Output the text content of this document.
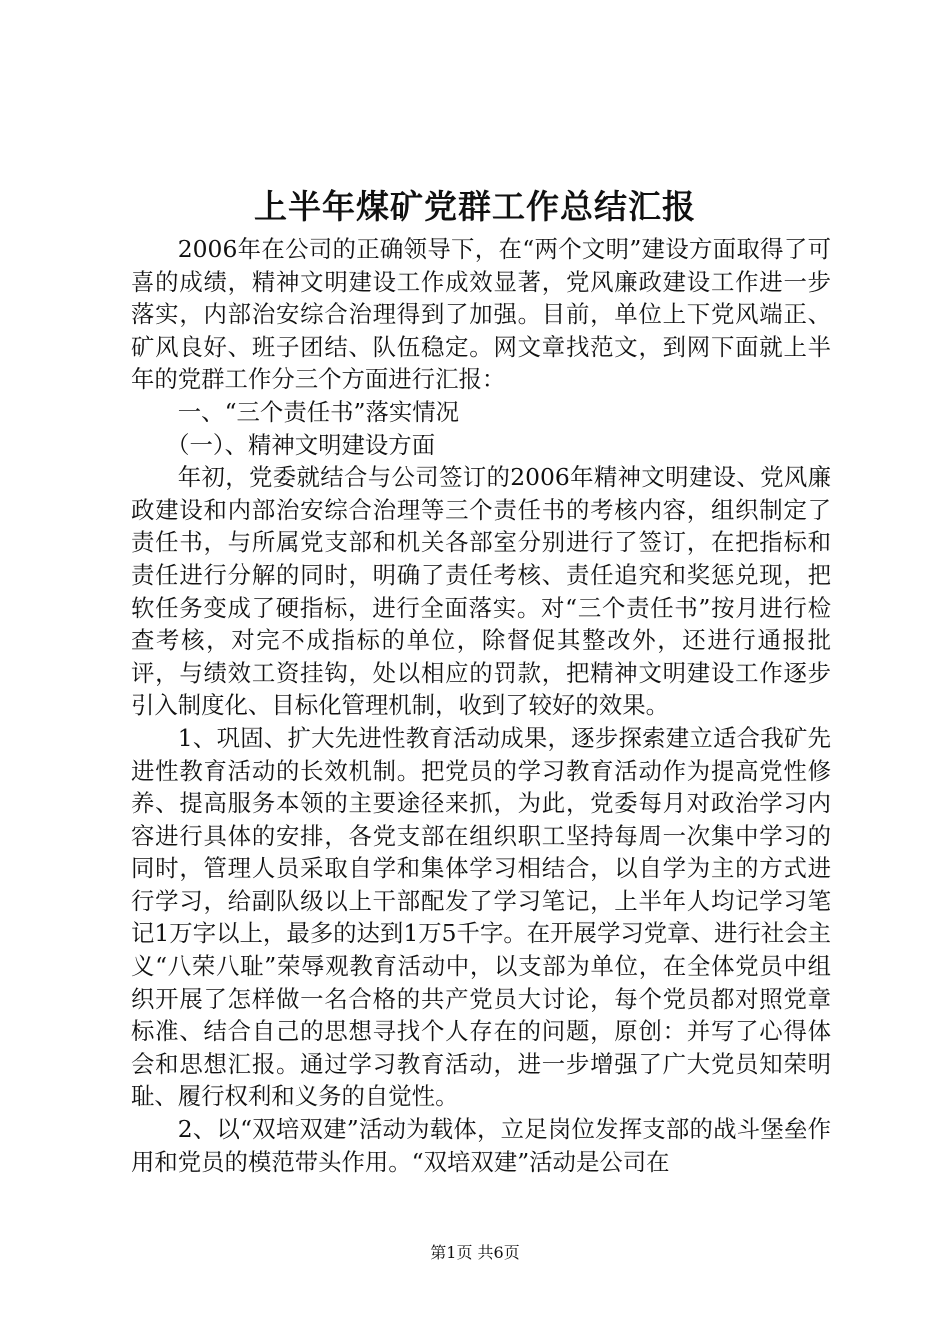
上半年煤矿党群工作总结汇报

2006年在公司的正确领导下，在“两个文明”建设方面取得了可喜的成绩，精神文明建设工作成效显著，党风廉政建设工作进一步落实，内部治安综合治理得到了加强。目前，单位上下党风端正、矿风良好、班子团结、队伍稳定。网文章找范文，到网下面就上半年的党群工作分三个方面进行汇报：

一、“三个责任书”落实情况

（一）、精神文明建设方面

年初，党委就结合与公司签订的2006年精神文明建设、党风廉政建设和内部治安综合治理等三个责任书的考核内容，组织制定了责任书，与所属党支部和机关各部室分别进行了签订，在把指标和责任进行分解的同时，明确了责任考核、责任追究和奖惩兑现，把软任务变成了硬指标，进行全面落实。对“三个责任书”按月进行检查考核，对完不成指标的单位，除督促其整改外，还进行通报批评，与绩效工资挂钩，处以相应的罚款，把精神文明建设工作逐步引入制度化、目标化管理机制，收到了较好的效果。

1、巩固、扩大先进性教育活动成果，逐步探索建立适合我矿先进性教育活动的长效机制。把党员的学习教育活动作为提高党性修养、提高服务本领的主要途径来抓，为此，党委每月对政治学习内容进行具体的安排，各党支部在组织职工坚持每周一次集中学习的同时，管理人员采取自学和集体学习相结合，以自学为主的方式进行学习，给副队级以上干部配发了学习笔记，上半年人均记学习笔记1万字以上，最多的达到1万5千字。在开展学习党章、进行社会主义“八荣八耻”荣辱观教育活动中，以支部为单位，在全体党员中组织开展了怎样做一名合格的共产党员大讨论，每个党员都对照党章标准、结合自己的思想寻找个人存在的问题，原创：并写了心得体会和思想汇报。通过学习教育活动，进一步增强了广大党员知荣明耻、履行权利和义务的自觉性。

2、以“双培双建”活动为载体，立足岗位发挥支部的战斗堡垒作用和党员的模范带头作用。“双培双建”活动是公司在

第1页 共6页
